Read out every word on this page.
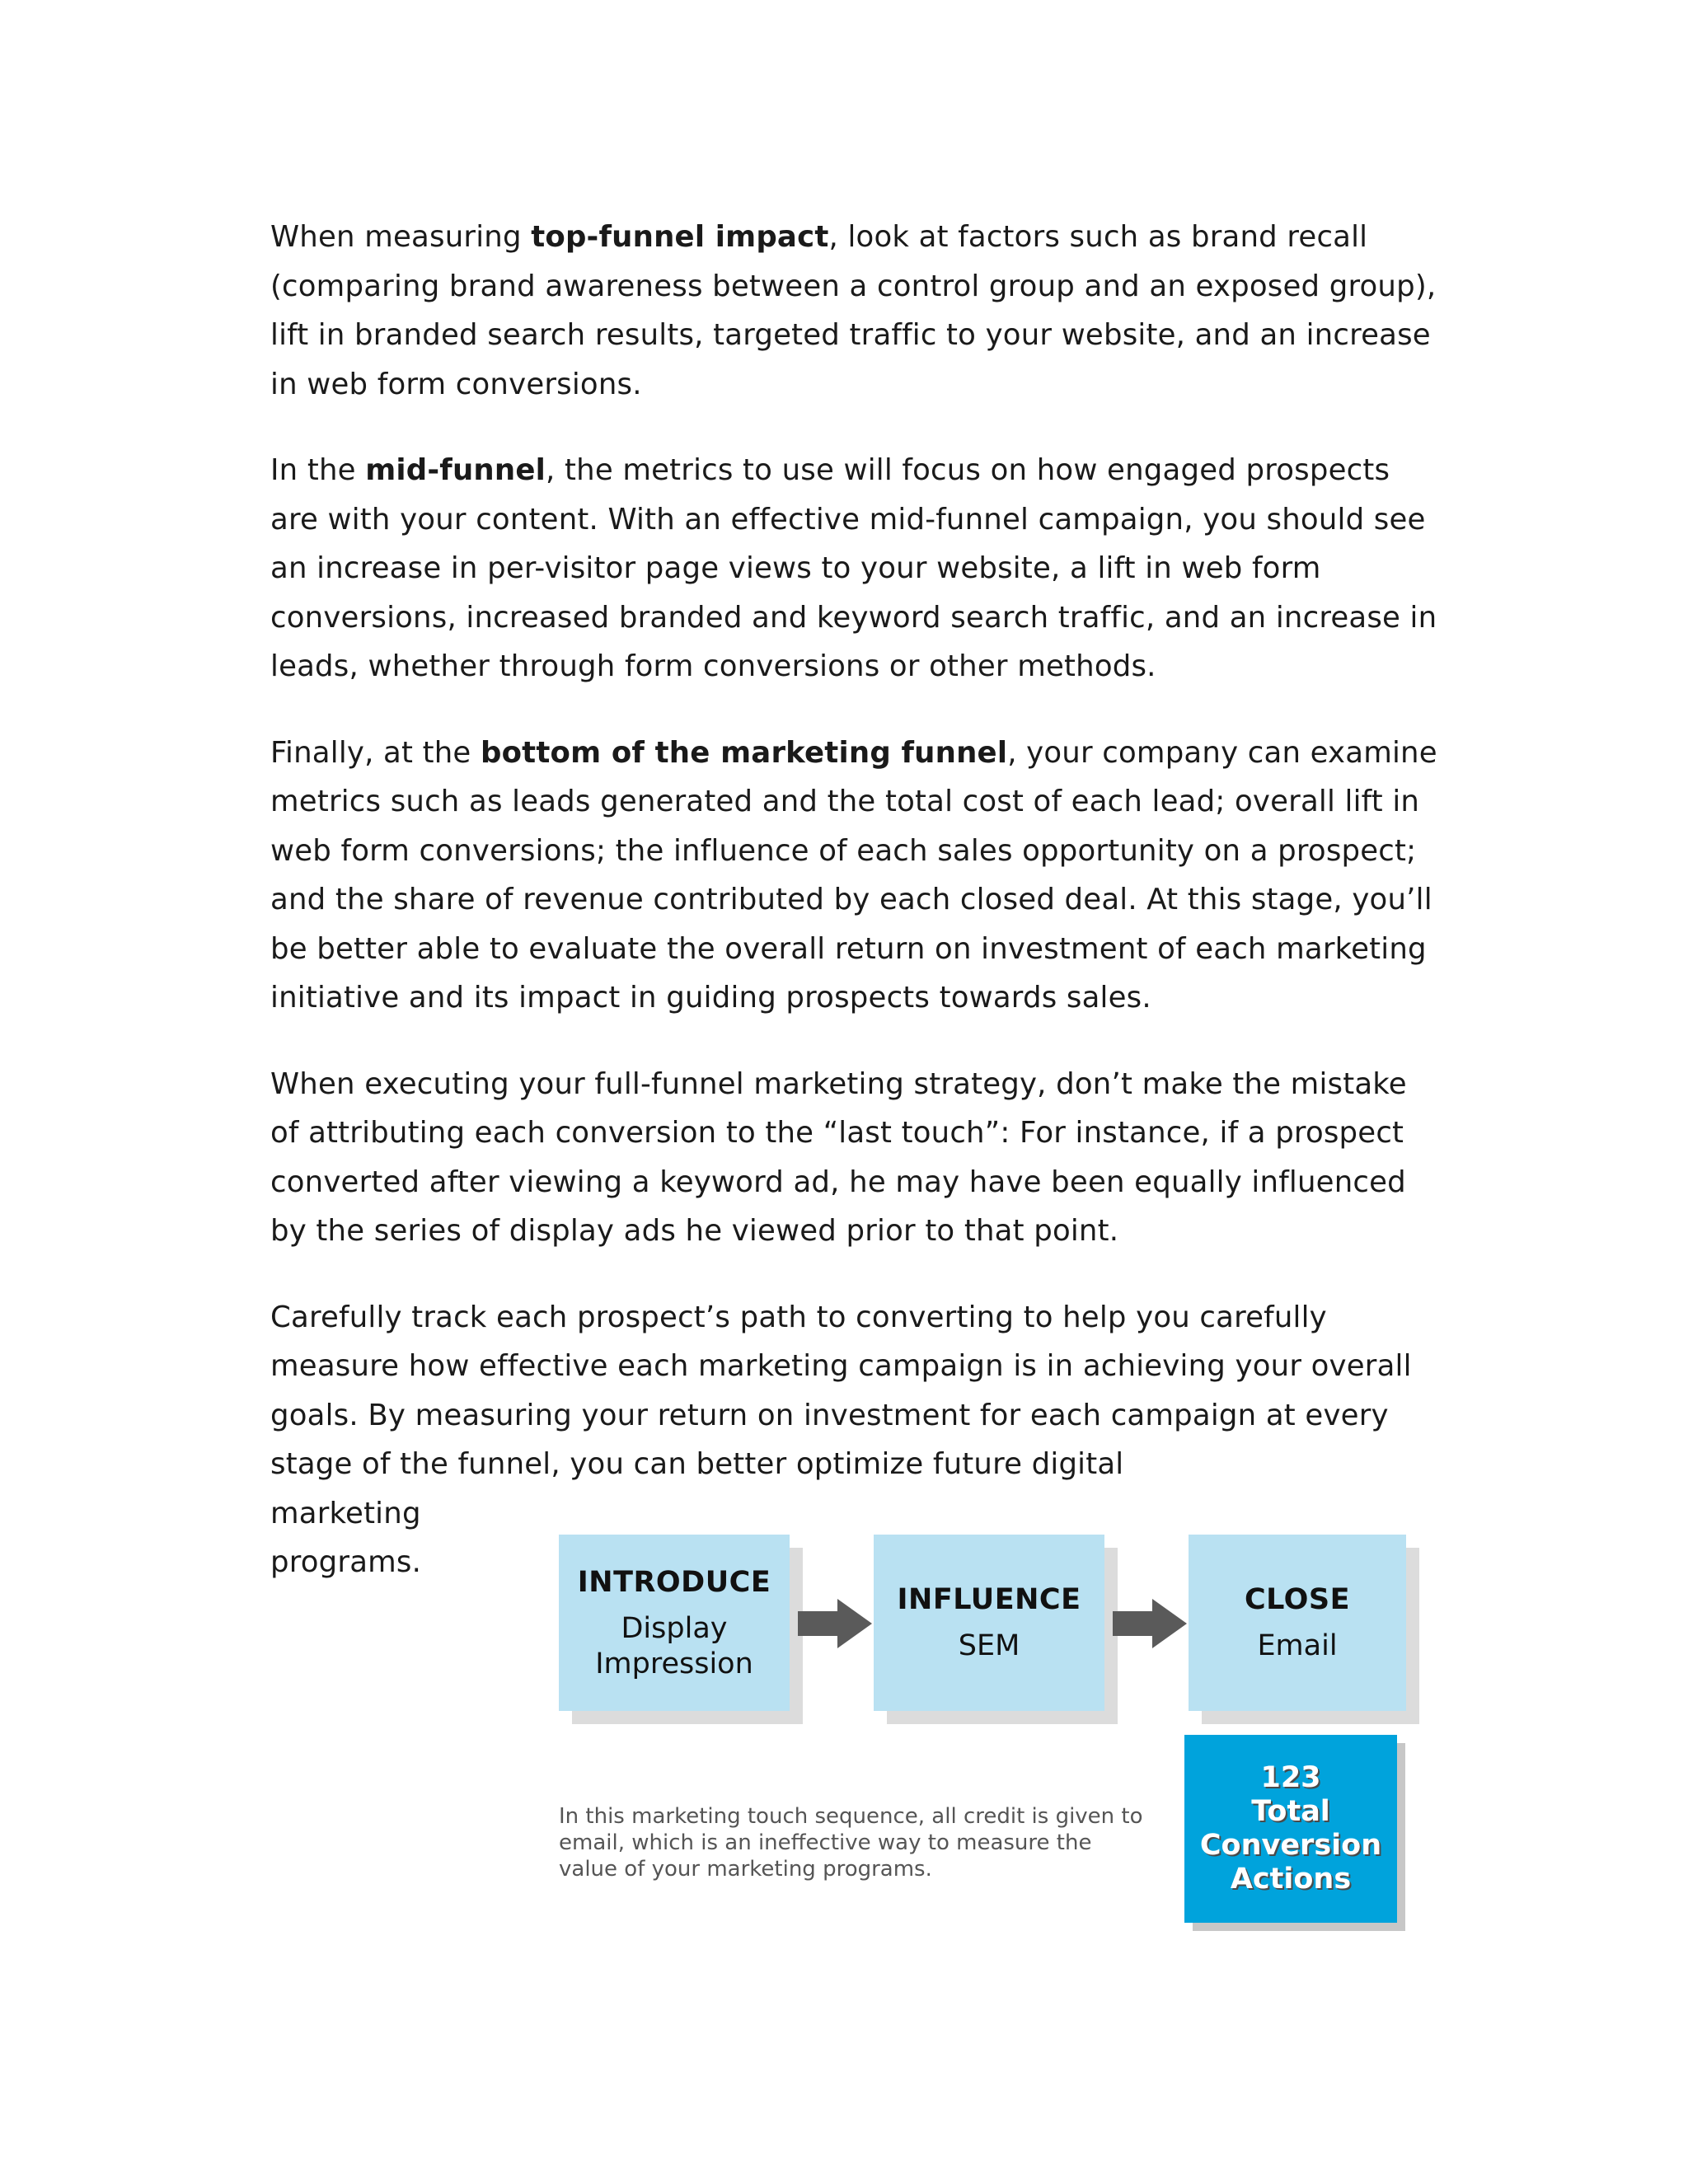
When measuring top-funnel impact, look at factors such as brand recall (comparing brand awareness between a control group and an exposed group), lift in branded search results, targeted traffic to your website, and an increase in web form conversions.

In the mid-funnel, the metrics to use will focus on how engaged prospects are with your content. With an effective mid-funnel campaign, you should see an increase in per-visitor page views to your website, a lift in web form conversions, increased branded and keyword search traffic, and an increase in leads, whether through form conversions or other methods.

Finally, at the bottom of the marketing funnel, your company can examine metrics such as leads generated and the total cost of each lead; overall lift in web form conversions; the influence of each sales opportunity on a prospect; and the share of revenue contributed by each closed deal. At this stage, you’ll be better able to evaluate the overall return on investment of each marketing initiative and its impact in guiding prospects towards sales.

When executing your full-funnel marketing strategy, don’t make the mistake of attributing each conversion to the “last touch”: For instance, if a prospect converted after viewing a keyword ad, he may have been equally influenced by the series of display ads he viewed prior to that point.

Carefully track each prospect’s path to converting to help you carefully measure how effective each marketing campaign is in achieving your overall goals. By measuring your return on investment for each campaign at every stage of the funnel, you can better optimize future digital
marketing
programs.

INTRODUCE
Display
Impression
INFLUENCE
SEM
CLOSE
Email
In this marketing touch sequence, all credit is given to email, which is an ineffective way to measure the value of your marketing programs.
123
Total
Conversion
Actions
